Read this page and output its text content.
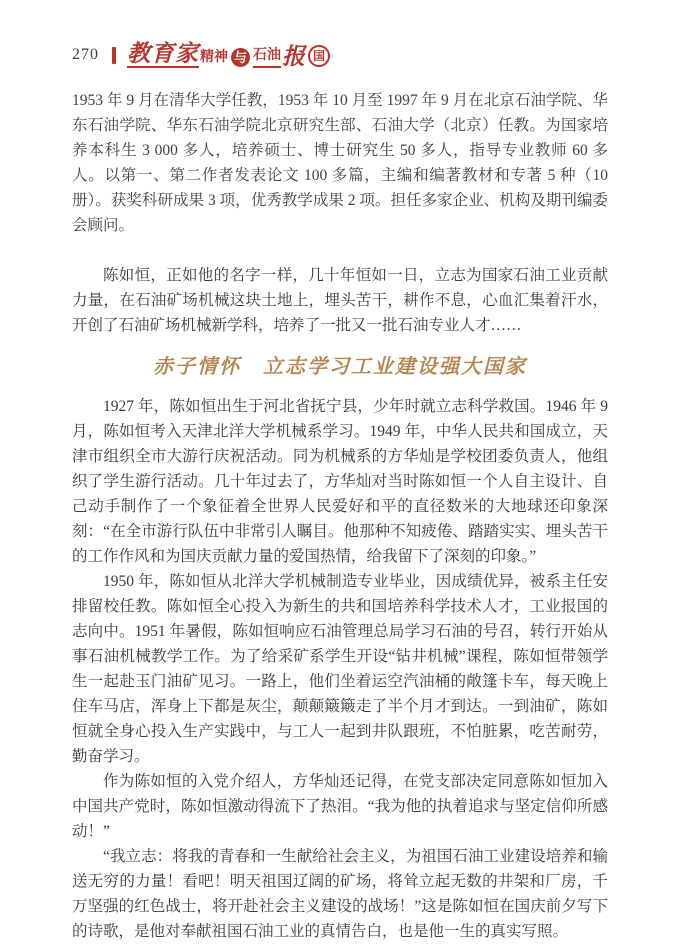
270 教育家 精神 与 石油 报 国

1953 年 9 月在清华大学任教，1953 年 10 月至 1997 年 9 月在北京石油学院、华东石油学院、华东石油学院北京研究生部、石油大学（北京）任教。为国家培养本科生 3 000 多人，培养硕士、博士研究生 50 多人，指导专业教师 60 多人。以第一、第二作者发表论文 100 多篇，主编和编著教材和专著 5 种（10 册）。获奖科研成果 3 项，优秀教学成果 2 项。担任多家企业、机构及期刊编委会顾问。

陈如恒，正如他的名字一样，几十年恒如一日，立志为国家石油工业贡献力量，在石油矿场机械这块土地上，埋头苦干，耕作不息，心血汇集着汗水，开创了石油矿场机械新学科，培养了一批又一批石油专业人才……

赤子情怀　立志学习工业建设强大国家

1927 年，陈如恒出生于河北省抚宁县，少年时就立志科学救国。1946 年 9 月，陈如恒考入天津北洋大学机械系学习。1949 年，中华人民共和国成立，天津市组织全市大游行庆祝活动。同为机械系的方华灿是学校团委负责人，他组织了学生游行活动。几十年过去了，方华灿对当时陈如恒一个人自主设计、自己动手制作了一个象征着全世界人民爱好和平的直径数米的大地球还印象深刻：“在全市游行队伍中非常引人瞩目。他那种不知疲倦、踏踏实实、埋头苦干的工作作风和为国庆贡献力量的爱国热情，给我留下了深刻的印象。”

1950 年，陈如恒从北洋大学机械制造专业毕业，因成绩优异，被系主任安排留校任教。陈如恒全心投入为新生的共和国培养科学技术人才，工业报国的志向中。1951 年暑假，陈如恒响应石油管理总局学习石油的号召，转行开始从事石油机械教学工作。为了给采矿系学生开设“钻井机械”课程，陈如恒带领学生一起赴玉门油矿见习。一路上，他们坐着运空汽油桶的敞篷卡车，每天晚上住车马店，浑身上下都是灰尘，颠颠簸簸走了半个月才到达。一到油矿，陈如恒就全身心投入生产实践中，与工人一起到井队跟班，不怕脏累，吃苦耐劳，勤奋学习。

作为陈如恒的入党介绍人，方华灿还记得，在党支部决定同意陈如恒加入中国共产党时，陈如恒激动得流下了热泪。“我为他的执着追求与坚定信仰所感动！”

“我立志：将我的青春和一生献给社会主义，为祖国石油工业建设培养和输送无穷的力量！看吧！明天祖国辽阔的矿场，将耸立起无数的井架和厂房，千万坚强的红色战士，将开赴社会主义建设的战场！”这是陈如恒在国庆前夕写下的诗歌，是他对奉献祖国石油工业的真情告白，也是他一生的真实写照。
